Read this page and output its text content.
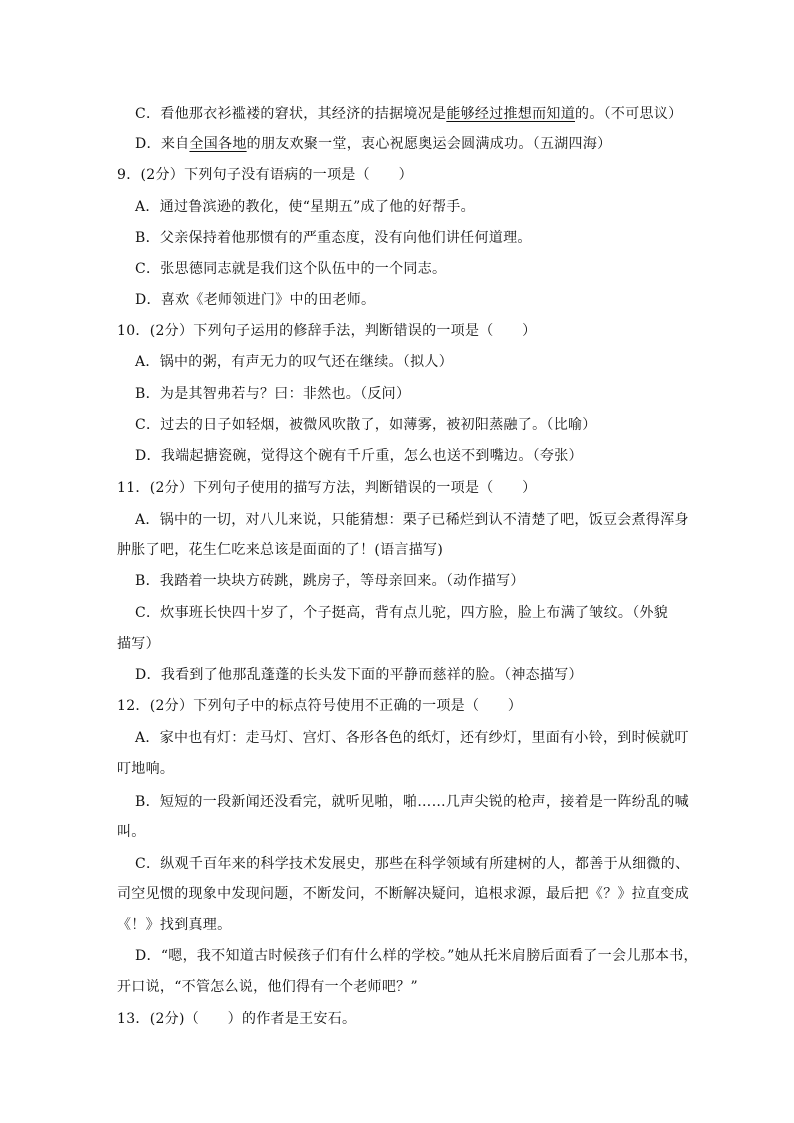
C．看他那衣衫褴褛的窘状，其经济的拮据境况是能够经过推想而知道的。（不可思议）
D．来自全国各地的朋友欢聚一堂，衷心祝愿奥运会圆满成功。（五湖四海）
9．(2分）下列句子没有语病的一项是（　　）
A．通过鲁滨逊的教化，使“星期五”成了他的好帮手。
B．父亲保持着他那惯有的严重态度，没有向他们讲任何道理。
C．张思德同志就是我们这个队伍中的一个同志。
D．喜欢《老师领进门》中的田老师。
10．(2分）下列句子运用的修辞手法，判断错误的一项是（　　）
A．锅中的粥，有声无力的叹气还在继续。（拟人）
B．为是其智弗若与？曰：非然也。（反问）
C．过去的日子如轻烟，被微风吹散了，如薄雾，被初阳蒸融了。（比喻）
D．我端起搪瓷碗，觉得这个碗有千斤重，怎么也送不到嘴边。（夸张）
11．(2分）下列句子使用的描写方法，判断错误的一项是（　　）
A．锅中的一切，对八儿来说，只能猜想：栗子已稀烂到认不清楚了吧，饭豆会煮得浑身
肿胀了吧，花生仁吃来总该是面面的了！(语言描写)
B．我踏着一块块方砖跳，跳房子，等母亲回来。（动作描写）
C．炊事班长快四十岁了，个子挺高，背有点儿驼，四方脸，脸上布满了皱纹。（外貌
描写）
D．我看到了他那乱蓬蓬的长头发下面的平静而慈祥的脸。（神态描写）
12．(2分）下列句子中的标点符号使用不正确的一项是（　　）
A．家中也有灯：走马灯、宫灯、各形各色的纸灯，还有纱灯，里面有小铃，到时候就叮
叮地响。
B．短短的一段新闻还没看完，就听见啪，啪……几声尖锐的枪声，接着是一阵纷乱的喊
叫。
C．纵观千百年来的科学技术发展史，那些在科学领域有所建树的人，都善于从细微的、
司空见惯的现象中发现问题，不断发问，不断解决疑问，追根求源，最后把《？》拉直变成
《！》找到真理。
D．“嗯，我不知道古时候孩子们有什么样的学校。”她从托米肩膀后面看了一会儿那本书，
开口说，“不管怎么说，他们得有一个老师吧？”
13．(2分)（　　）的作者是王安石。
